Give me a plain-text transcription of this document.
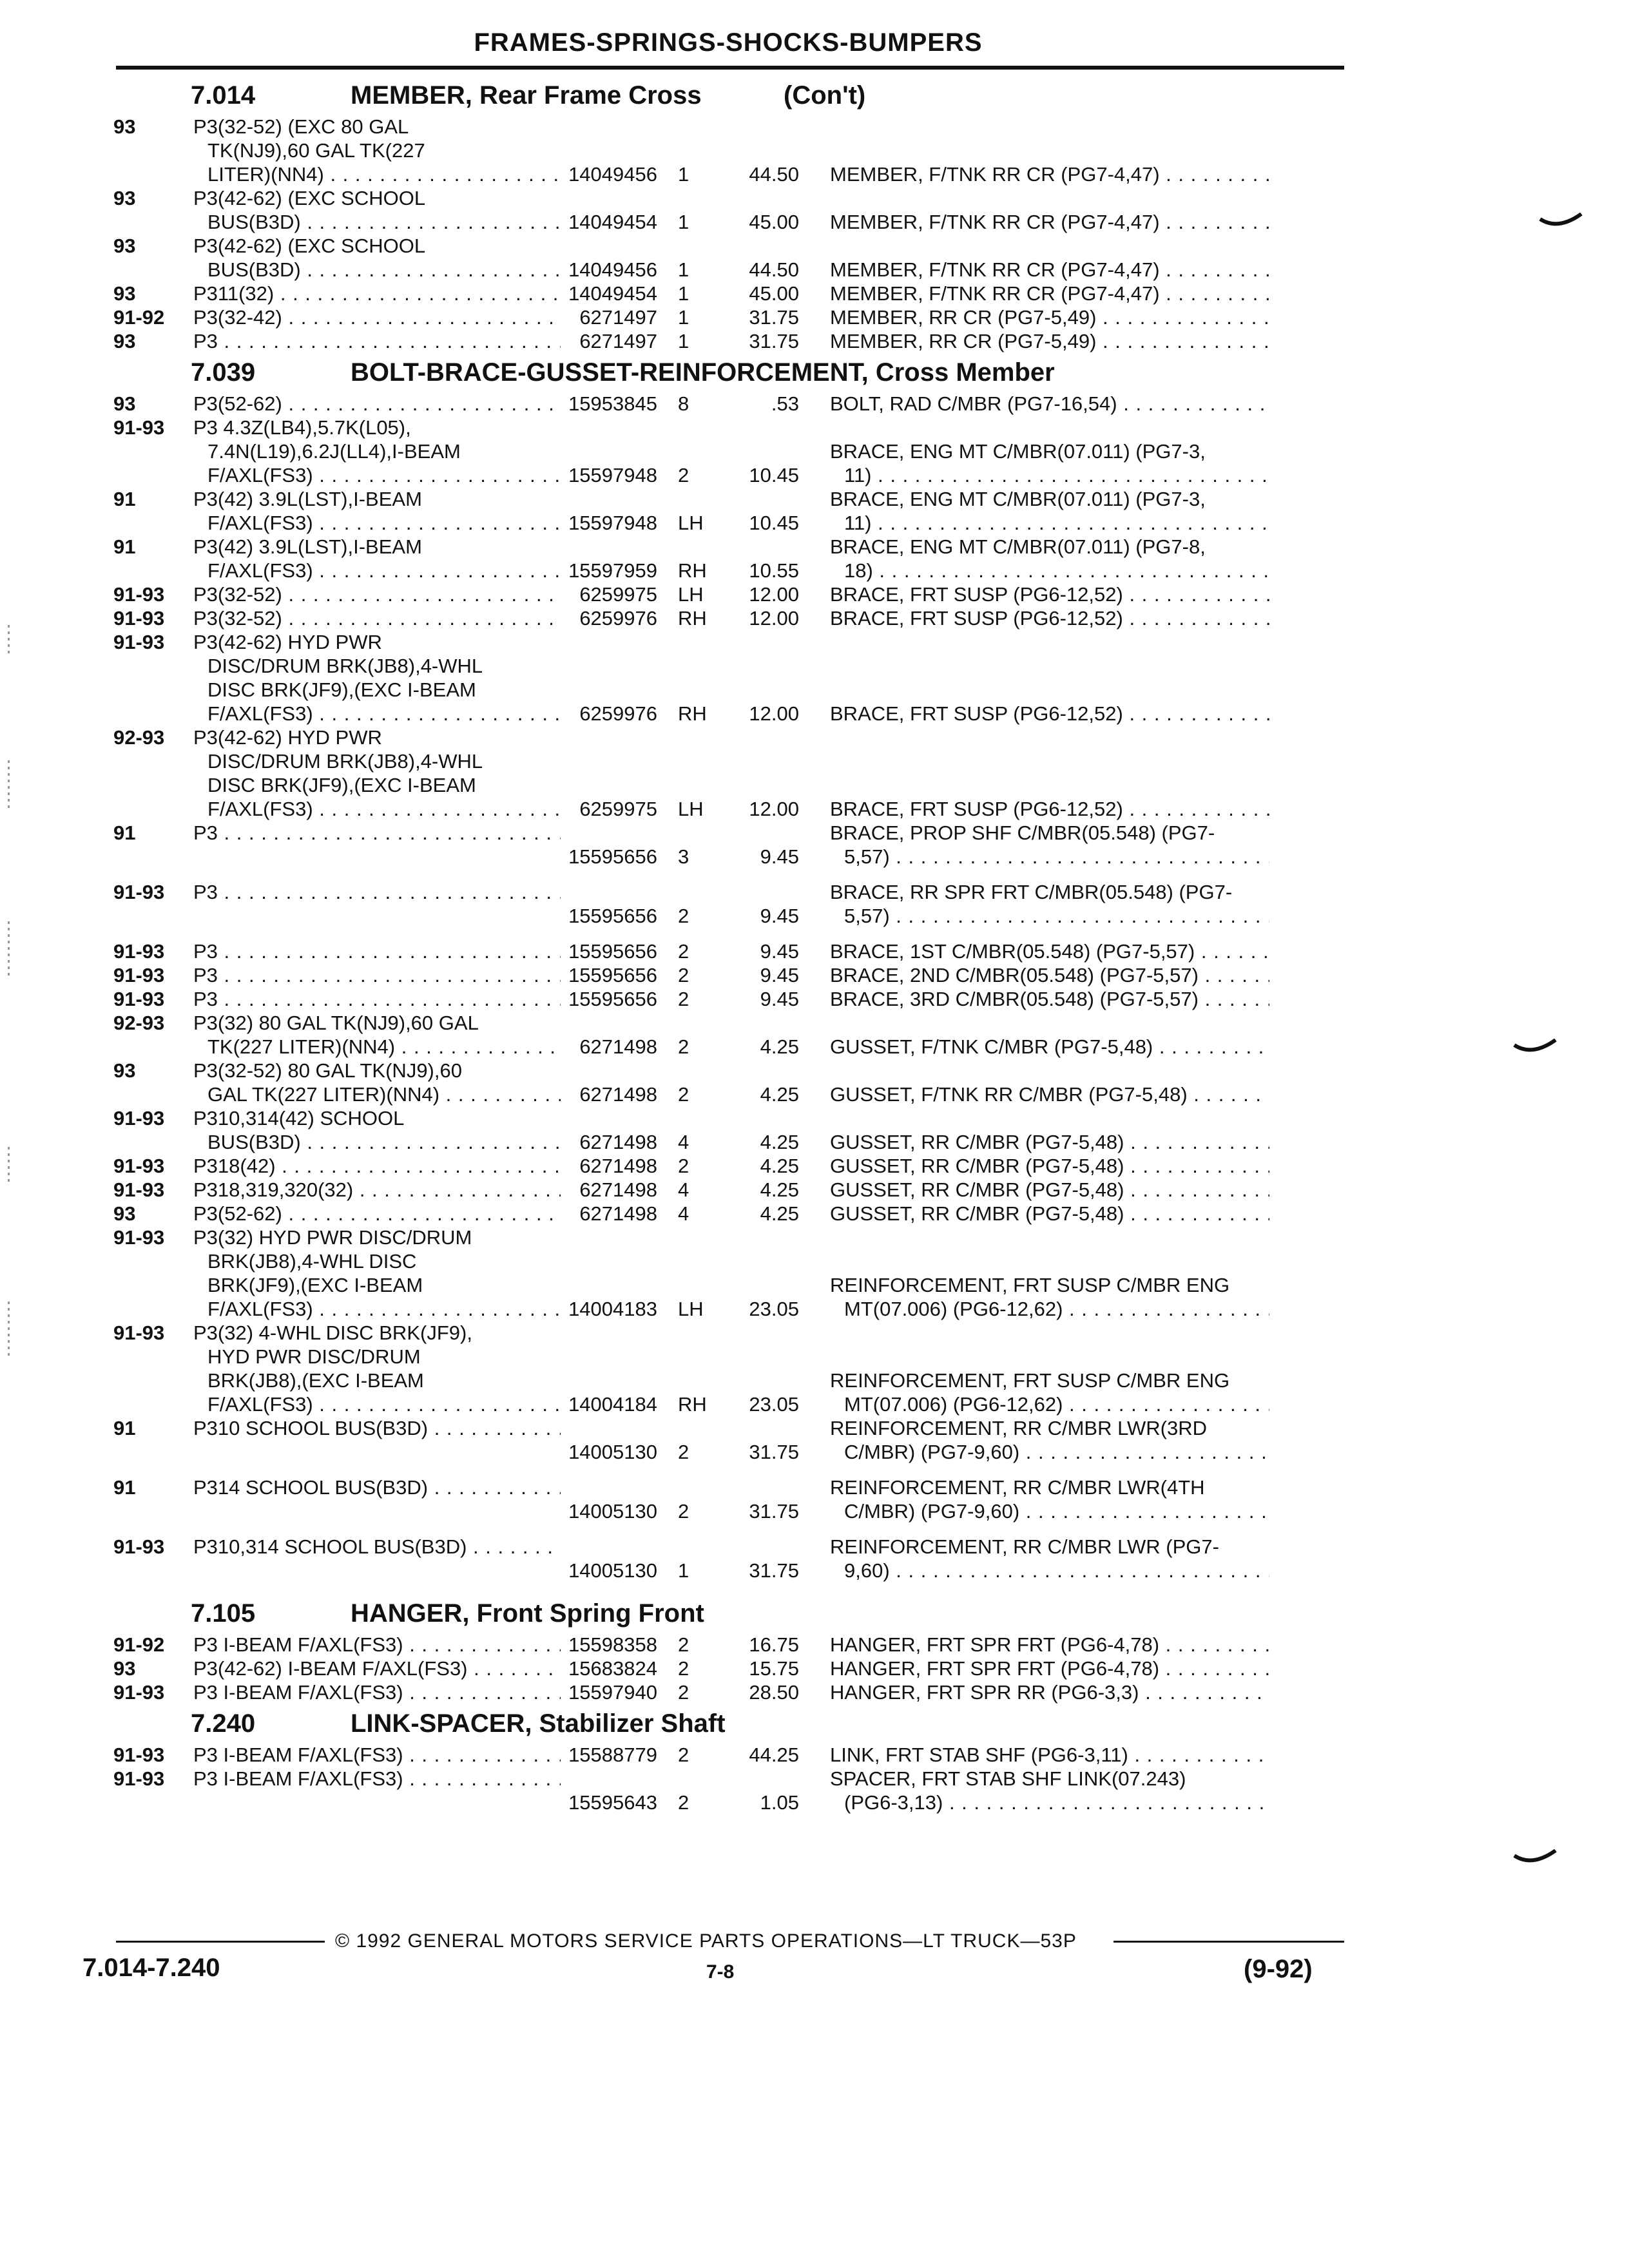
FRAMES-SPRINGS-SHOCKS-BUMPERS
7.014	MEMBER, Rear Frame Cross	(Con't)
93	P3(32-52) (EXC 80 GAL
TK(NJ9),60 GAL TK(227
LITER)(NN4) . . .	14049456	1	44.50 MEMBER, F/TNK RR CR (PG7-4,47) . . .
93	P3(42-62) (EXC SCHOOL
BUS(B3D) . . .	14049454	1	45.00 MEMBER, F/TNK RR CR (PG7-4,47) . . .
93	P3(42-62) (EXC SCHOOL
BUS(B3D) . . .	14049456	1	44.50 MEMBER, F/TNK RR CR (PG7-4,47) . . .
93	P311(32) . . .	14049454	1	45.00 MEMBER, F/TNK RR CR (PG7-4,47) . . .
91-92	P3(32-42) . . .	6271497	1	31.75 MEMBER, RR CR (PG7-5,49) . . .
93	P3 . . .	6271497	1	31.75 MEMBER, RR CR (PG7-5,49) . . .
7.039	BOLT-BRACE-GUSSET-REINFORCEMENT, Cross Member
93	P3(52-62) . . .	15953845	8	.53 BOLT, RAD C/MBR (PG7-16,54) . . .
91-93	P3 4.3Z(LB4),5.7K(L05),
7.4N(L19),6.2J(LL4),I-BEAM
F/AXL(FS3) . . .	15597948	2	10.45
BRACE, ENG MT C/MBR(07.011) (PG7-3,
11) . . .
91	P3(42) 3.9L(LST),I-BEAM
F/AXL(FS3) . . .	15597948	LH	10.45
BRACE, ENG MT C/MBR(07.011) (PG7-3,
11) . . .
91	P3(42) 3.9L(LST),I-BEAM
F/AXL(FS3) . . .	15597959	RH	10.55
BRACE, ENG MT C/MBR(07.011) (PG7-8,
18) . . .
91-93	P3(32-52) . . .	6259975	LH	12.00 BRACE, FRT SUSP (PG6-12,52) . . .
91-93	P3(32-52) . . .	6259976	RH	12.00 BRACE, FRT SUSP (PG6-12,52) . . .
91-93	P3(42-62) HYD PWR
DISC/DRUM BRK(JB8),4-WHL
DISC BRK(JF9),(EXC I-BEAM
F/AXL(FS3) . . .	6259976	RH	12.00 BRACE, FRT SUSP (PG6-12,52) . . .
92-93	P3(42-62) HYD PWR
DISC/DRUM BRK(JB8),4-WHL
DISC BRK(JF9),(EXC I-BEAM
F/AXL(FS3) . . .	6259975	LH	12.00 BRACE, FRT SUSP (PG6-12,52) . . .
91	P3 . . .
15595656	3	9.45
BRACE, PROP SHF C/MBR(05.548) (PG7-
5,57) . . .
91-93	P3 . . .
15595656	2	9.45
BRACE, RR SPR FRT C/MBR(05.548) (PG7-
5,57) . . .
91-93	P3 . . .	15595656	2	9.45 BRACE, 1ST C/MBR(05.548) (PG7-5,57) . . .
91-93	P3 . . .	15595656	2	9.45 BRACE, 2ND C/MBR(05.548) (PG7-5,57) . . .
91-93	P3 . . .	15595656	2	9.45 BRACE, 3RD C/MBR(05.548) (PG7-5,57) . . .
92-93	P3(32) 80 GAL TK(NJ9),60 GAL
TK(227 LITER)(NN4) . . .	6271498	2	4.25 GUSSET, F/TNK C/MBR (PG7-5,48) . . .
93	P3(32-52) 80 GAL TK(NJ9),60
GAL TK(227 LITER)(NN4) . . .	6271498	2	4.25 GUSSET, F/TNK RR C/MBR (PG7-5,48) . . .
91-93	P310,314(42) SCHOOL
BUS(B3D) . . .	6271498	4	4.25 GUSSET, RR C/MBR (PG7-5,48) . . .
91-93	P318(42) . . .	6271498	2	4.25 GUSSET, RR C/MBR (PG7-5,48) . . .
91-93	P318,319,320(32) . . .	6271498	4	4.25 GUSSET, RR C/MBR (PG7-5,48) . . .
93	P3(52-62) . . .	6271498	4	4.25 GUSSET, RR C/MBR (PG7-5,48) . . .
91-93	P3(32) HYD PWR DISC/DRUM
BRK(JB8),4-WHL DISC
BRK(JF9),(EXC I-BEAM
F/AXL(FS3) . . .	14004183	LH	23.05
REINFORCEMENT, FRT SUSP C/MBR ENG
MT(07.006) (PG6-12,62) . . .
91-93	P3(32) 4-WHL DISC BRK(JF9),
HYD PWR DISC/DRUM
BRK(JB8),(EXC I-BEAM
F/AXL(FS3) . . .	14004184	RH	23.05
REINFORCEMENT, FRT SUSP C/MBR ENG
MT(07.006) (PG6-12,62) . . .
91	P310 SCHOOL BUS(B3D) . . .
14005130	2	31.75
REINFORCEMENT, RR C/MBR LWR(3RD
C/MBR) (PG7-9,60) . . .
91	P314 SCHOOL BUS(B3D) . . .
14005130	2	31.75
REINFORCEMENT, RR C/MBR LWR(4TH
C/MBR) (PG7-9,60) . . .
91-93	P310,314 SCHOOL BUS(B3D) . . .
14005130	1	31.75
REINFORCEMENT, RR C/MBR LWR (PG7-
9,60) . . .
7.105	HANGER, Front Spring Front
91-92	P3 I-BEAM F/AXL(FS3) . . .	15598358	2	16.75 HANGER, FRT SPR FRT (PG6-4,78) . . .
93	P3(42-62) I-BEAM F/AXL(FS3) . . .	15683824	2	15.75 HANGER, FRT SPR FRT (PG6-4,78) . . .
91-93	P3 I-BEAM F/AXL(FS3) . . .	15597940	2	28.50 HANGER, FRT SPR RR (PG6-3,3) . . .
7.240	LINK-SPACER, Stabilizer Shaft
91-93	P3 I-BEAM F/AXL(FS3) . . .	15588779	2	44.25 LINK, FRT STAB SHF (PG6-3,11) . . .
91-93	P3 I-BEAM F/AXL(FS3) . . .
15595643	2	1.05
SPACER, FRT STAB SHF LINK(07.243)
(PG6-3,13) . . .
© 1992 GENERAL MOTORS SERVICE PARTS OPERATIONS—LT TRUCK—53P
7.014-7.240	7-8	(9-92)
